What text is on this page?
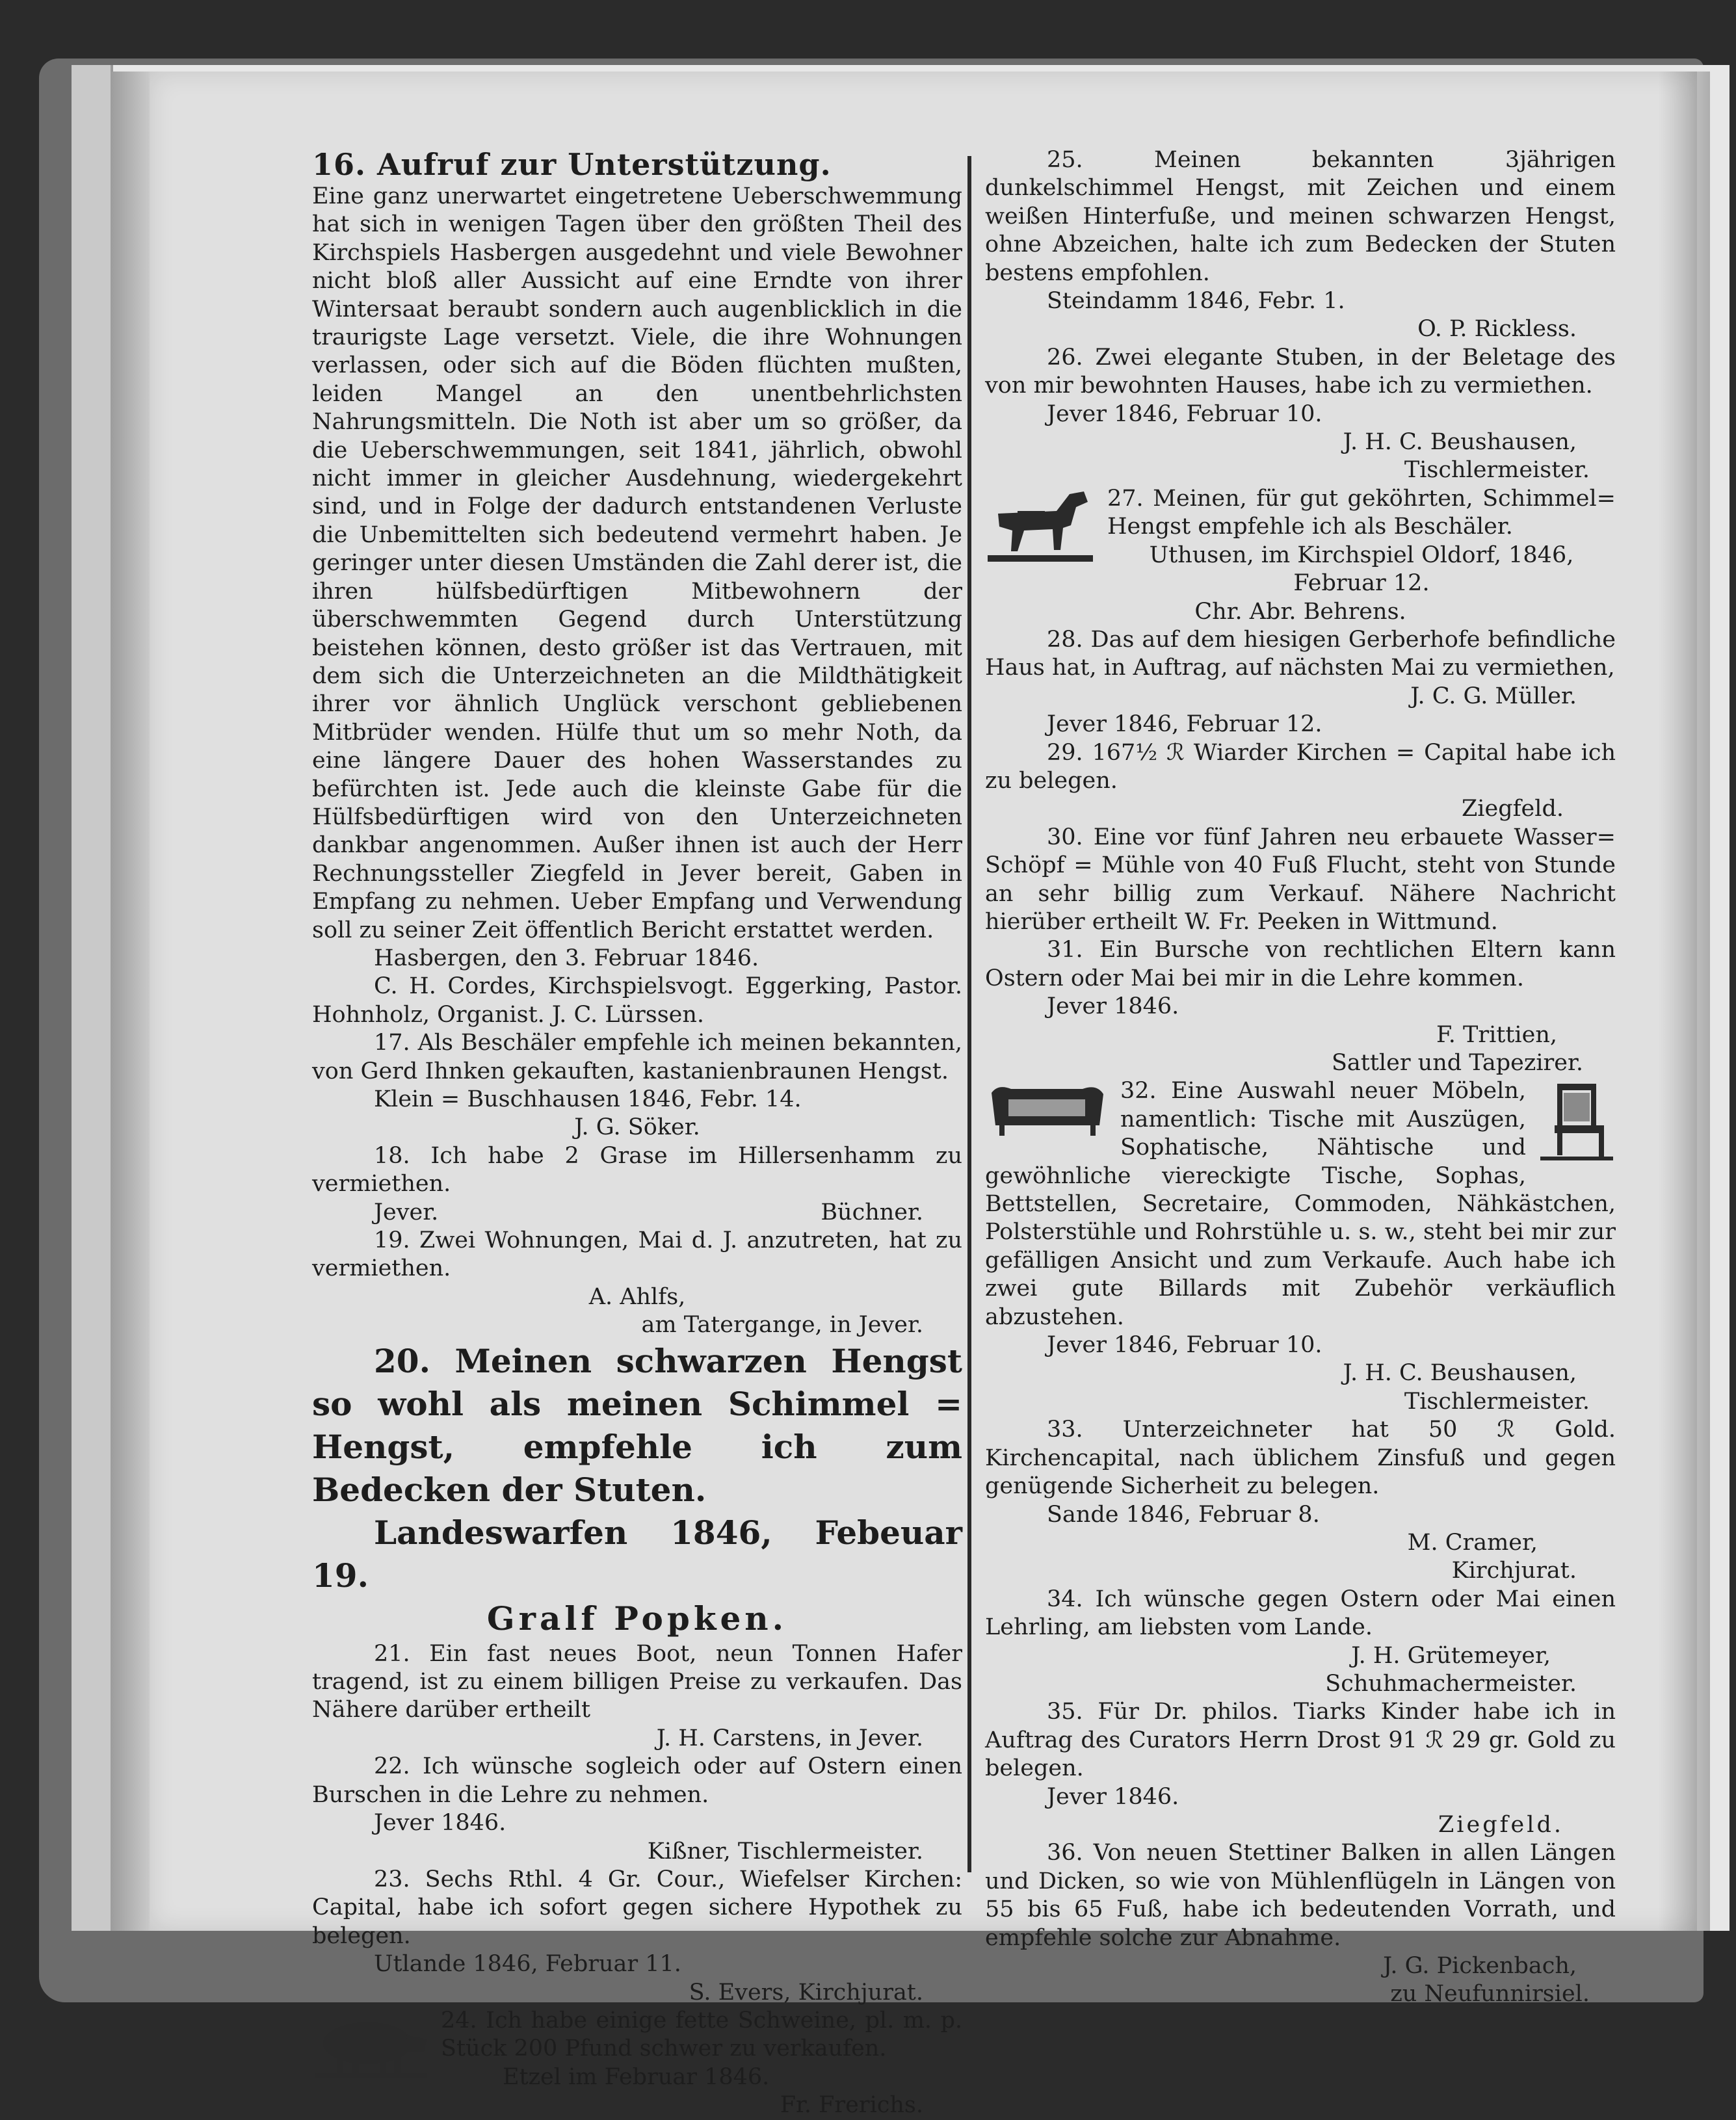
16. Aufruf zur Unterstützung.

Eine ganz unerwartet eingetretene Ueberschwemmung hat sich in wenigen Tagen über den größten Theil des Kirchspiels Hasbergen ausgedehnt und viele Bewohner nicht bloß aller Aussicht auf eine Erndte von ihrer Wintersaat beraubt sondern auch augenblicklich in die traurigste Lage versetzt. Viele, die ihre Wohnungen verlassen, oder sich auf die Böden flüchten mußten, leiden Mangel an den unentbehrlichsten Nahrungsmitteln. Die Noth ist aber um so größer, da die Ueberschwemmungen, seit 1841, jährlich, obwohl nicht immer in gleicher Ausdehnung, wiedergekehrt sind, und in Folge der dadurch entstandenen Verluste die Unbemittelten sich bedeutend vermehrt haben. Je geringer unter diesen Umständen die Zahl derer ist, die ihren hülfsbedürftigen Mitbewohnern der überschwemmten Gegend durch Unterstützung beistehen können, desto größer ist das Vertrauen, mit dem sich die Unterzeichneten an die Mildthätigkeit ihrer vor ähnlich Unglück verschont gebliebenen Mitbrüder wenden. Hülfe thut um so mehr Noth, da eine längere Dauer des hohen Wasserstandes zu befürchten ist. Jede auch die kleinste Gabe für die Hülfsbedürftigen wird von den Unterzeichneten dankbar angenommen. Außer ihnen ist auch der Herr Rechnungssteller Ziegfeld in Jever bereit, Gaben in Empfang zu nehmen. Ueber Empfang und Verwendung soll zu seiner Zeit öffentlich Bericht erstattet werden.

Hasbergen, den 3. Februar 1846.

C. H. Cordes, Kirchspielsvogt. Eggerking, Pastor. Hohnholz, Organist. J. C. Lürssen.

17. Als Beschäler empfehle ich meinen bekannten, von Gerd Ihnken gekauften, kastanienbraunen Hengst.

Klein = Buschhausen 1846, Febr. 14.

J. G. Söker.

18. Ich habe 2 Grase im Hillersenhamm zu vermiethen.

Jever.	Büchner.

19. Zwei Wohnungen, Mai d. J. anzutreten, hat zu vermiethen.

A. Ahlfs,

am Tatergange, in Jever.

20. Meinen schwarzen Hengst so wohl als meinen Schimmel = Hengst, empfehle ich zum Bedecken der Stuten.

Landeswarfen 1846, Febeuar 19.

Gralf Popken.

21. Ein fast neues Boot, neun Tonnen Hafer tragend, ist zu einem billigen Preise zu verkaufen. Das Nähere darüber ertheilt

J. H. Carstens, in Jever.

22. Ich wünsche sogleich oder auf Ostern einen Burschen in die Lehre zu nehmen.

Jever 1846.

Kißner, Tischlermeister.

23. Sechs Rthl. 4 Gr. Cour., Wiefelser Kirchen: Capital, habe ich sofort gegen sichere Hypothek zu belegen.

Utlande 1846, Februar 11.

S. Evers, Kirchjurat.

24. Ich habe einige fette Schweine, pl. m. p. Stück 200 Pfund schwer zu verkaufen.

Etzel im Februar 1846.

Fr. Frerichs.

25. Meinen bekannten 3jährigen dunkelschimmel Hengst, mit Zeichen und einem weißen Hinterfuße, und meinen schwarzen Hengst, ohne Abzeichen, halte ich zum Bedecken der Stuten bestens empfohlen.

Steindamm 1846, Febr. 1.

O. P. Rickless.

26. Zwei elegante Stuben, in der Beletage des von mir bewohnten Hauses, habe ich zu vermiethen.

Jever 1846, Februar 10.

J. H. C. Beushausen,

Tischlermeister.

27. Meinen, für gut geköhrten, Schimmel= Hengst empfehle ich als Beschäler.

Uthusen, im Kirchspiel Oldorf, 1846, Februar 12.

Chr. Abr. Behrens.

28. Das auf dem hiesigen Gerberhofe befindliche Haus hat, in Auftrag, auf nächsten Mai zu vermiethen,

J. C. G. Müller.

Jever 1846, Februar 12.

29. 167½ ℛ Wiarder Kirchen = Capital habe ich zu belegen.

Ziegfeld.

30. Eine vor fünf Jahren neu erbauete Wasser= Schöpf = Mühle von 40 Fuß Flucht, steht von Stunde an sehr billig zum Verkauf. Nähere Nachricht hierüber ertheilt W. Fr. Peeken in Wittmund.

31. Ein Bursche von rechtlichen Eltern kann Ostern oder Mai bei mir in die Lehre kommen.

Jever 1846.

F. Trittien,

Sattler und Tapezirer.

32. Eine Auswahl neuer Möbeln, namentlich: Tische mit Auszügen, Sophatische, Nähtische und gewöhnliche viereckigte Tische, Sophas, Bettstellen, Secretaire, Commoden, Nähkästchen, Polsterstühle und Rohrstühle u. s. w., steht bei mir zur gefälligen Ansicht und zum Verkaufe. Auch habe ich zwei gute Billards mit Zubehör verkäuflich abzustehen.

Jever 1846, Februar 10.

J. H. C. Beushausen,

Tischlermeister.

33. Unterzeichneter hat 50 ℛ Gold. Kirchencapital, nach üblichem Zinsfuß und gegen genügende Sicherheit zu belegen.

Sande 1846, Februar 8.

M. Cramer,

Kirchjurat.

34. Ich wünsche gegen Ostern oder Mai einen Lehrling, am liebsten vom Lande.

J. H. Grütemeyer,

Schuhmachermeister.

35. Für Dr. philos. Tiarks Kinder habe ich in Auftrag des Curators Herrn Drost 91 ℛ 29 gr. Gold zu belegen.

Jever 1846.

Ziegfeld.

36. Von neuen Stettiner Balken in allen Längen und Dicken, so wie von Mühlenflügeln in Längen von 55 bis 65 Fuß, habe ich bedeutenden Vorrath, und empfehle solche zur Abnahme.

J. G. Pickenbach,

zu Neufunnirsiel.
